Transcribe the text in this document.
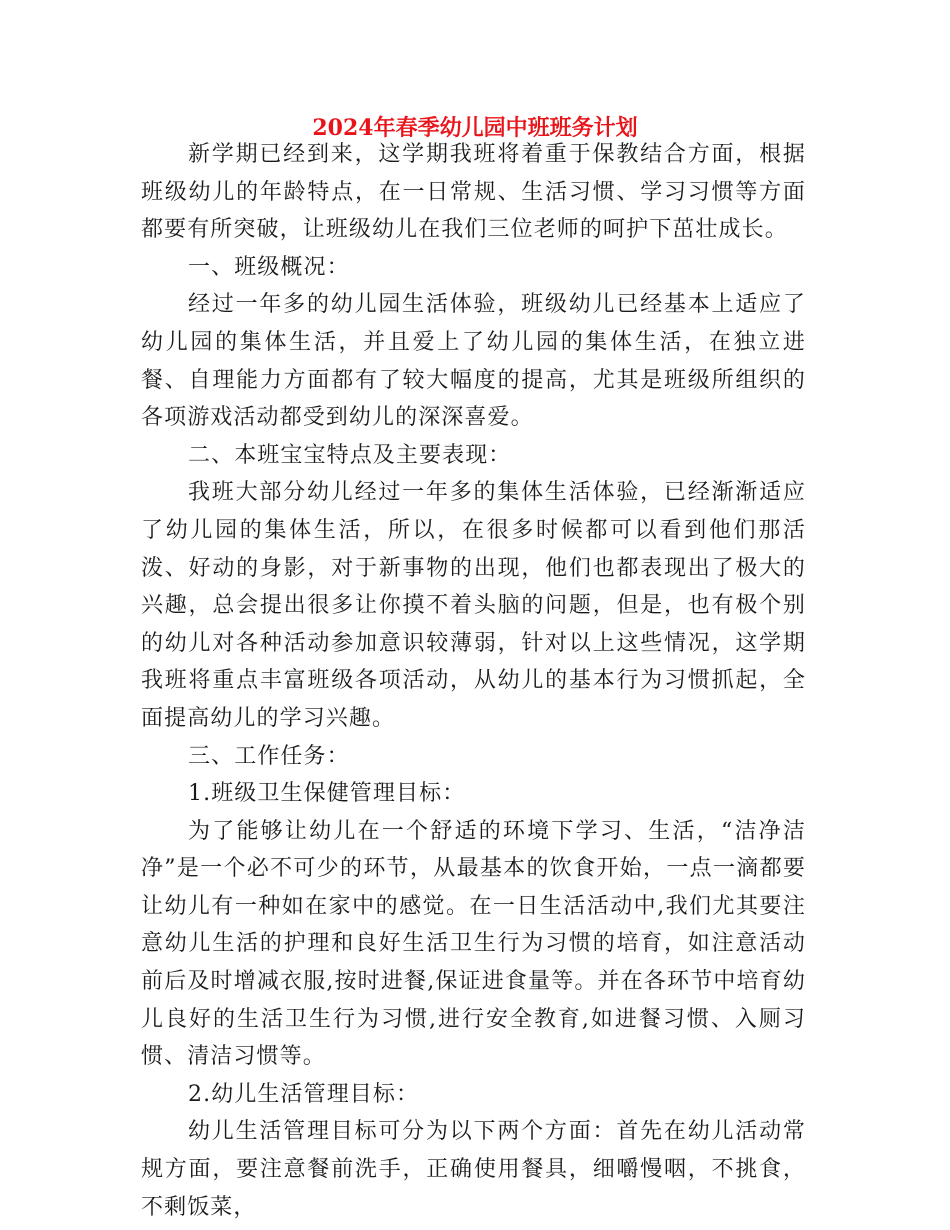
2024年春季幼儿园中班班务计划

新学期已经到来，这学期我班将着重于保教结合方面，根据班级幼儿的年龄特点，在一日常规、生活习惯、学习习惯等方面都要有所突破，让班级幼儿在我们三位老师的呵护下茁壮成长。

一、班级概况：

经过一年多的幼儿园生活体验，班级幼儿已经基本上适应了幼儿园的集体生活，并且爱上了幼儿园的集体生活，在独立进餐、自理能力方面都有了较大幅度的提高，尤其是班级所组织的各项游戏活动都受到幼儿的深深喜爱。

二、本班宝宝特点及主要表现：

我班大部分幼儿经过一年多的集体生活体验，已经渐渐适应了幼儿园的集体生活，所以，在很多时候都可以看到他们那活泼、好动的身影，对于新事物的出现，他们也都表现出了极大的兴趣，总会提出很多让你摸不着头脑的问题，但是，也有极个别的幼儿对各种活动参加意识较薄弱，针对以上这些情况，这学期我班将重点丰富班级各项活动，从幼儿的基本行为习惯抓起，全面提高幼儿的学习兴趣。

三、工作任务：

1.班级卫生保健管理目标：

为了能够让幼儿在一个舒适的环境下学习、生活，“洁净洁净”是一个必不可少的环节，从最基本的饮食开始，一点一滴都要让幼儿有一种如在家中的感觉。在一日生活活动中,我们尤其要注意幼儿生活的护理和良好生活卫生行为习惯的培育，如注意活动前后及时增减衣服,按时进餐,保证进食量等。并在各环节中培育幼儿良好的生活卫生行为习惯,进行安全教育,如进餐习惯、入厕习惯、清洁习惯等。

2.幼儿生活管理目标：

幼儿生活管理目标可分为以下两个方面：首先在幼儿活动常规方面，要注意餐前洗手，正确使用餐具，细嚼慢咽，不挑食，不剩饭菜，
